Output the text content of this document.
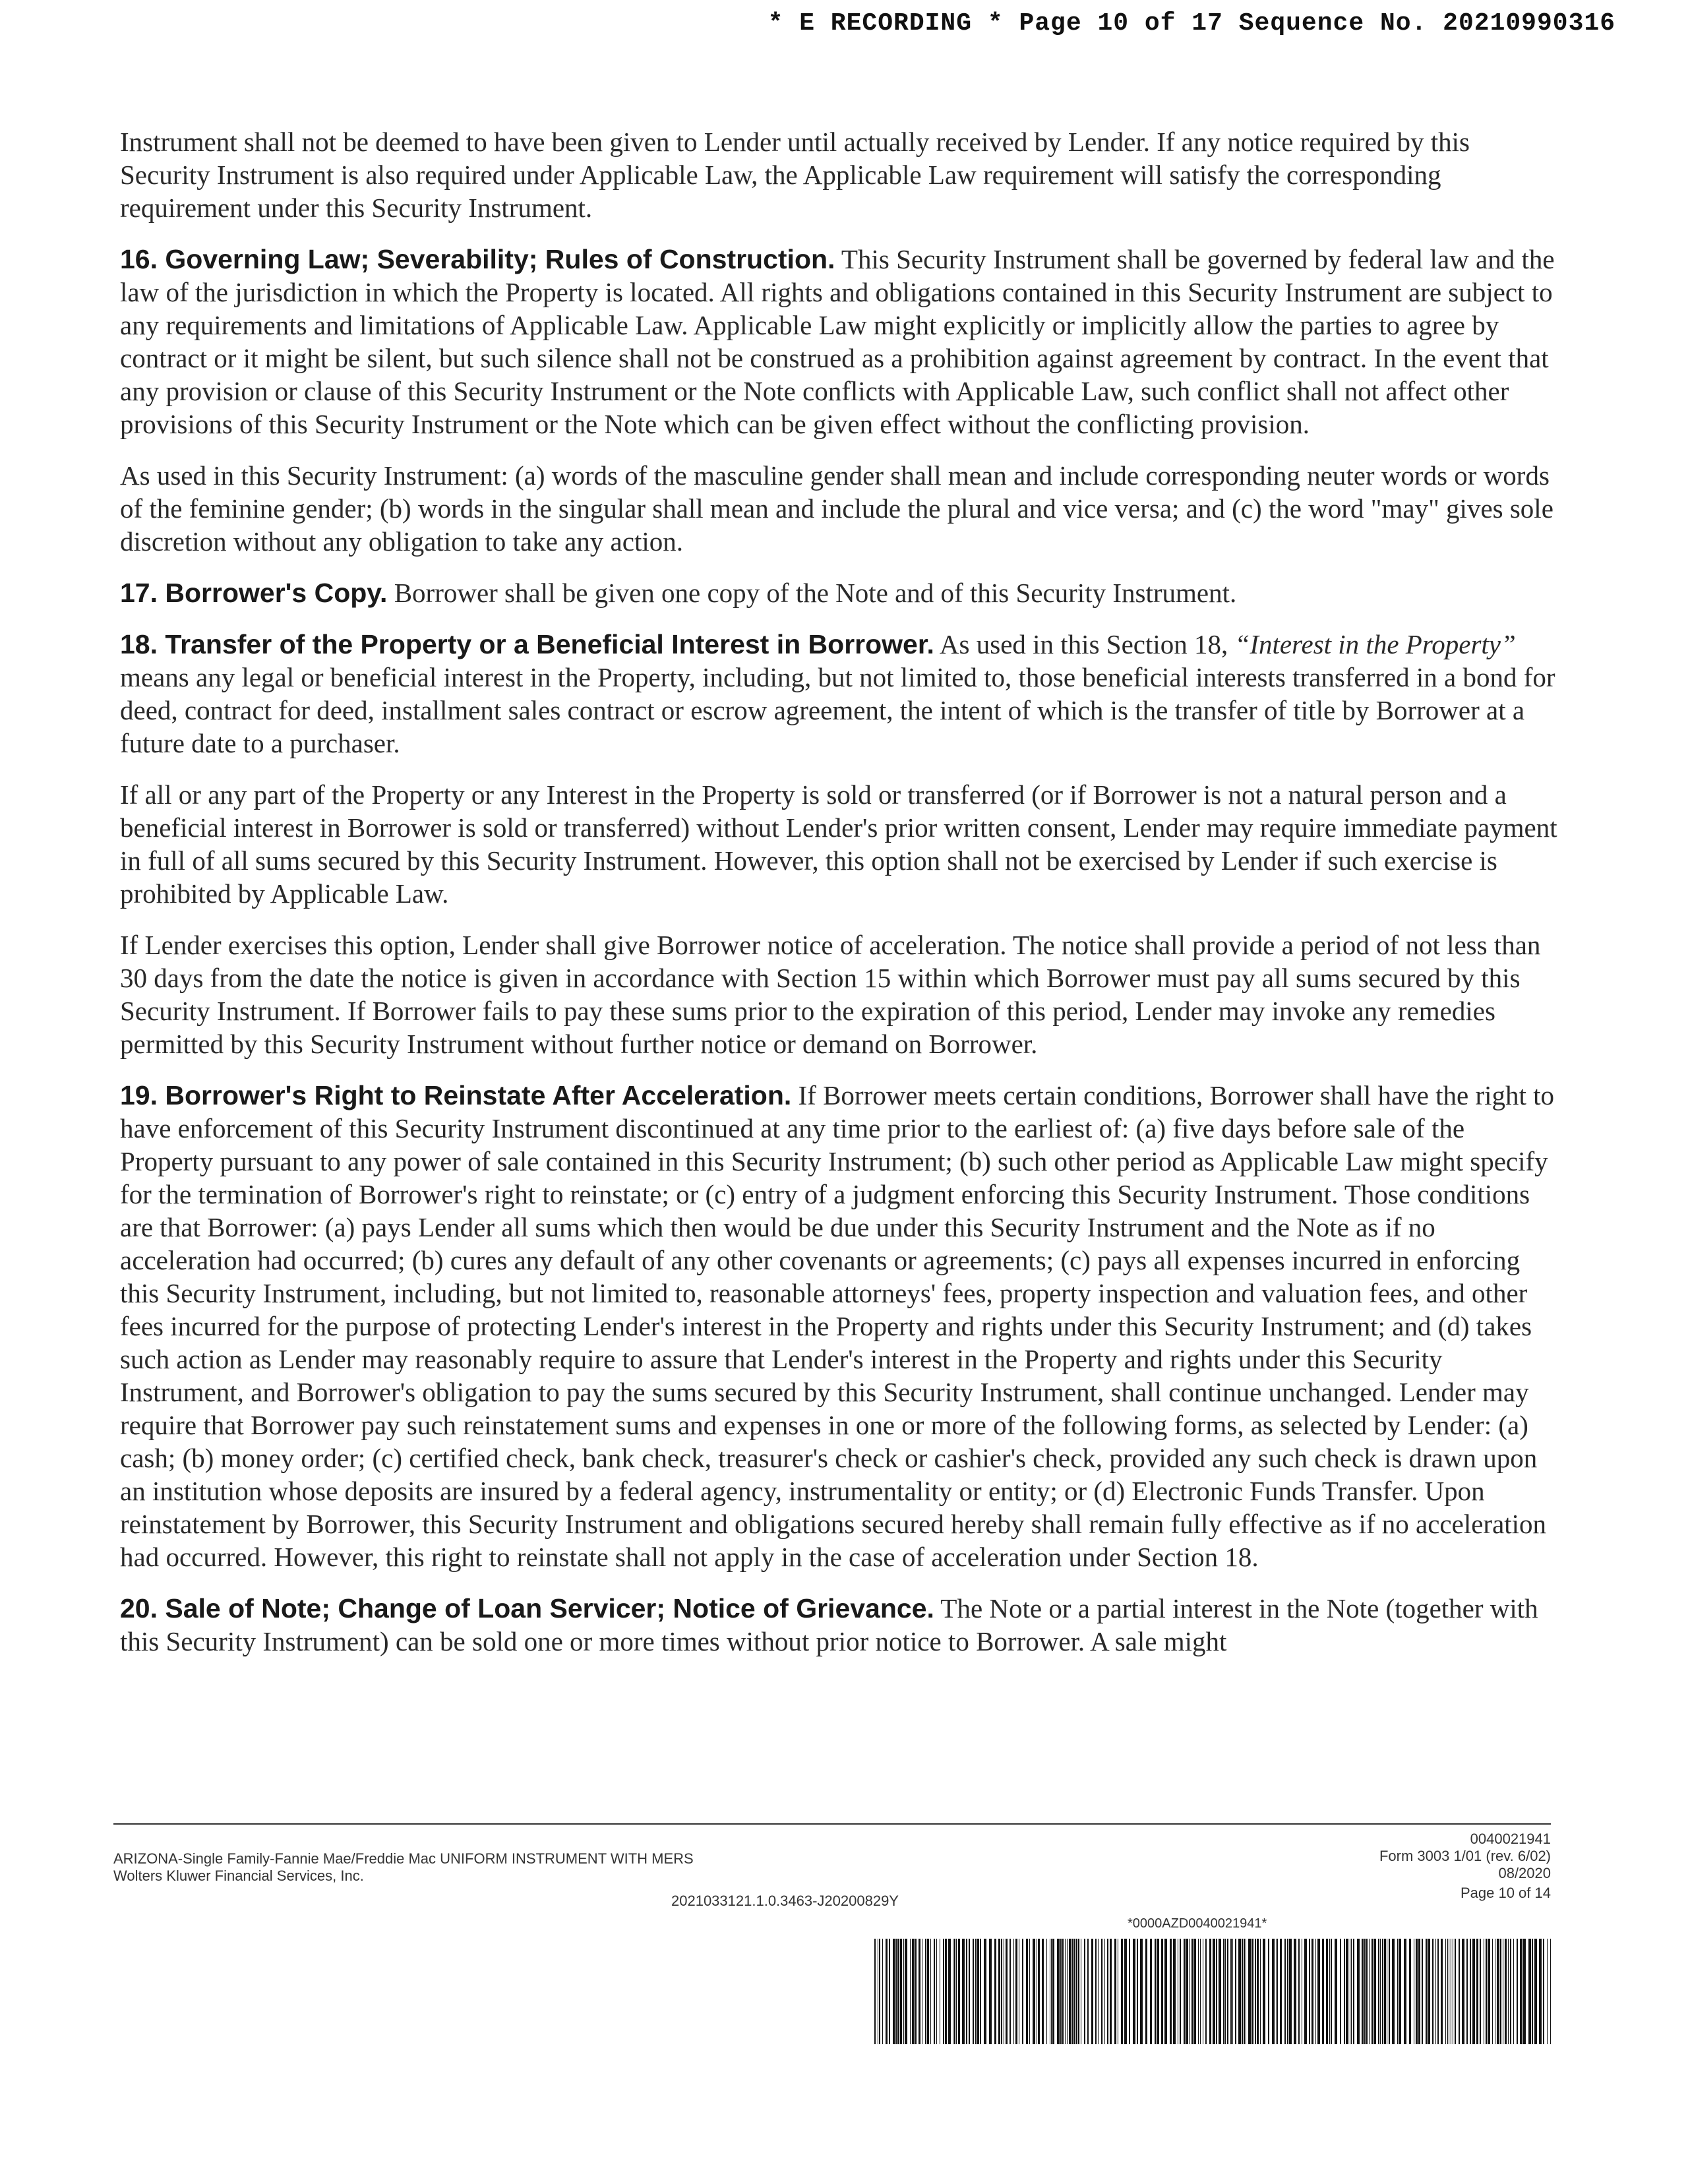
* E RECORDING * Page 10 of 17 Sequence No. 20210990316

Instrument shall not be deemed to have been given to Lender until actually received by Lender. If any notice required by this Security Instrument is also required under Applicable Law, the Applicable Law requirement will satisfy the corresponding requirement under this Security Instrument.

16. Governing Law; Severability; Rules of Construction. This Security Instrument shall be governed by federal law and the law of the jurisdiction in which the Property is located. All rights and obligations contained in this Security Instrument are subject to any requirements and limitations of Applicable Law. Applicable Law might explicitly or implicitly allow the parties to agree by contract or it might be silent, but such silence shall not be construed as a prohibition against agreement by contract. In the event that any provision or clause of this Security Instrument or the Note conflicts with Applicable Law, such conflict shall not affect other provisions of this Security Instrument or the Note which can be given effect without the conflicting provision.

As used in this Security Instrument: (a) words of the masculine gender shall mean and include corresponding neuter words or words of the feminine gender; (b) words in the singular shall mean and include the plural and vice versa; and (c) the word "may" gives sole discretion without any obligation to take any action.

17. Borrower's Copy. Borrower shall be given one copy of the Note and of this Security Instrument.

18. Transfer of the Property or a Beneficial Interest in Borrower. As used in this Section 18, “Interest in the Property” means any legal or beneficial interest in the Property, including, but not limited to, those beneficial interests transferred in a bond for deed, contract for deed, installment sales contract or escrow agreement, the intent of which is the transfer of title by Borrower at a future date to a purchaser.

If all or any part of the Property or any Interest in the Property is sold or transferred (or if Borrower is not a natural person and a beneficial interest in Borrower is sold or transferred) without Lender's prior written consent, Lender may require immediate payment in full of all sums secured by this Security Instrument. However, this option shall not be exercised by Lender if such exercise is prohibited by Applicable Law.

If Lender exercises this option, Lender shall give Borrower notice of acceleration. The notice shall provide a period of not less than 30 days from the date the notice is given in accordance with Section 15 within which Borrower must pay all sums secured by this Security Instrument. If Borrower fails to pay these sums prior to the expiration of this period, Lender may invoke any remedies permitted by this Security Instrument without further notice or demand on Borrower.

19. Borrower's Right to Reinstate After Acceleration. If Borrower meets certain conditions, Borrower shall have the right to have enforcement of this Security Instrument discontinued at any time prior to the earliest of: (a) five days before sale of the Property pursuant to any power of sale contained in this Security Instrument; (b) such other period as Applicable Law might specify for the termination of Borrower's right to reinstate; or (c) entry of a judgment enforcing this Security Instrument. Those conditions are that Borrower: (a) pays Lender all sums which then would be due under this Security Instrument and the Note as if no acceleration had occurred; (b) cures any default of any other covenants or agreements; (c) pays all expenses incurred in enforcing this Security Instrument, including, but not limited to, reasonable attorneys' fees, property inspection and valuation fees, and other fees incurred for the purpose of protecting Lender's interest in the Property and rights under this Security Instrument; and (d) takes such action as Lender may reasonably require to assure that Lender's interest in the Property and rights under this Security Instrument, and Borrower's obligation to pay the sums secured by this Security Instrument, shall continue unchanged. Lender may require that Borrower pay such reinstatement sums and expenses in one or more of the following forms, as selected by Lender: (a) cash; (b) money order; (c) certified check, bank check, treasurer's check or cashier's check, provided any such check is drawn upon an institution whose deposits are insured by a federal agency, instrumentality or entity; or (d) Electronic Funds Transfer. Upon reinstatement by Borrower, this Security Instrument and obligations secured hereby shall remain fully effective as if no acceleration had occurred. However, this right to reinstate shall not apply in the case of acceleration under Section 18.

20. Sale of Note; Change of Loan Servicer; Notice of Grievance. The Note or a partial interest in the Note (together with this Security Instrument) can be sold one or more times without prior notice to Borrower. A sale might

ARIZONA-Single Family-Fannie Mae/Freddie Mac UNIFORM INSTRUMENT WITH MERS
Wolters Kluwer Financial Services, Inc.
2021033121.1.0.3463-J20200829Y
0040021941
Form 3003 1/01 (rev. 6/02)
08/2020
Page 10 of 14
*0000AZD0040021941*
